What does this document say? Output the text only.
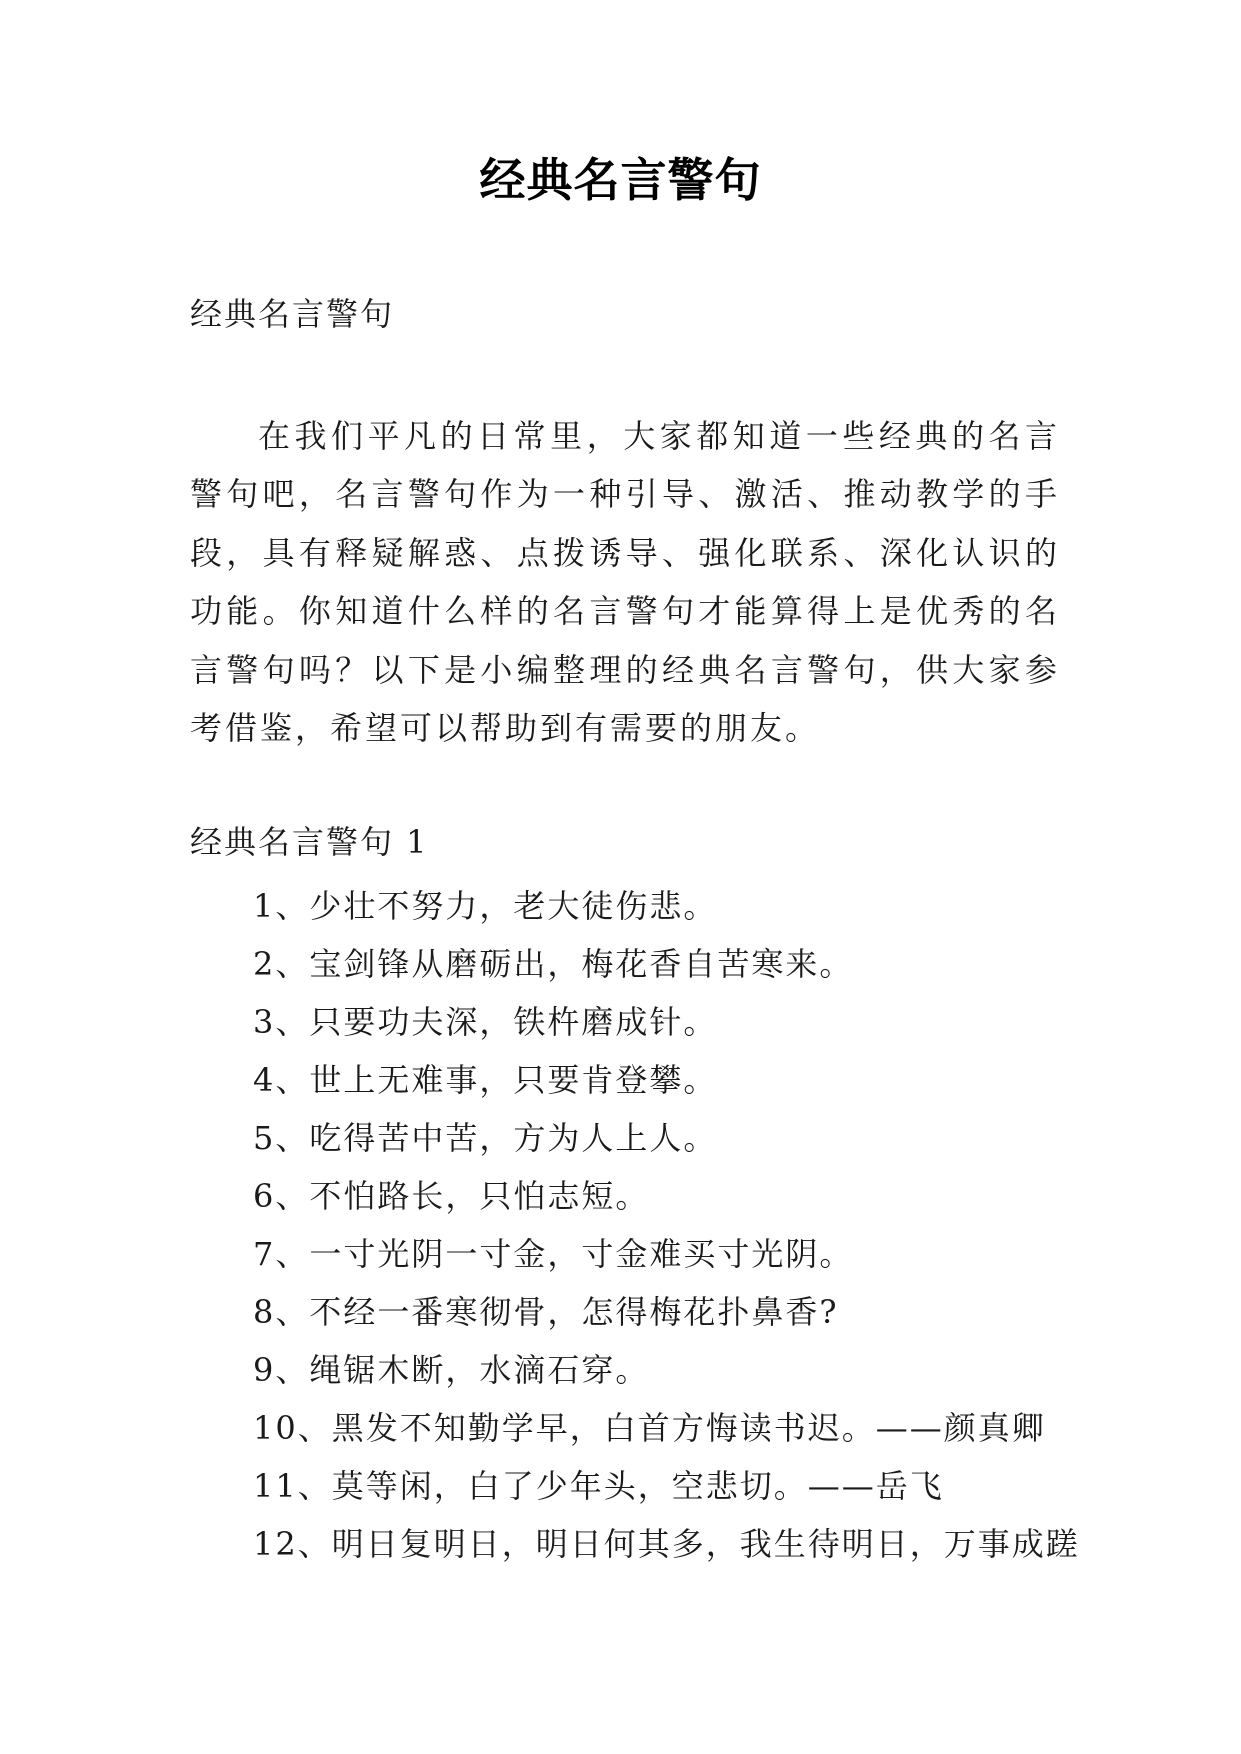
经典名言警句
经典名言警句

在我们平凡的日常里，大家都知道一些经典的名言警句吧，名言警句作为一种引导、激活、推动教学的手段，具有释疑解惑、点拨诱导、强化联系、深化认识的功能。你知道什么样的名言警句才能算得上是优秀的名言警句吗？以下是小编整理的经典名言警句，供大家参考借鉴，希望可以帮助到有需要的朋友。

经典名言警句 1
1、少壮不努力，老大徒伤悲。
2、宝剑锋从磨砺出，梅花香自苦寒来。
3、只要功夫深，铁杵磨成针。
4、世上无难事，只要肯登攀。
5、吃得苦中苦，方为人上人。
6、不怕路长，只怕志短。
7、一寸光阴一寸金，寸金难买寸光阴。
8、不经一番寒彻骨，怎得梅花扑鼻香?
9、绳锯木断，水滴石穿。
10、黑发不知勤学早，白首方悔读书迟。——颜真卿
11、莫等闲，白了少年头，空悲切。——岳飞
12、明日复明日，明日何其多，我生待明日，万事成蹉
